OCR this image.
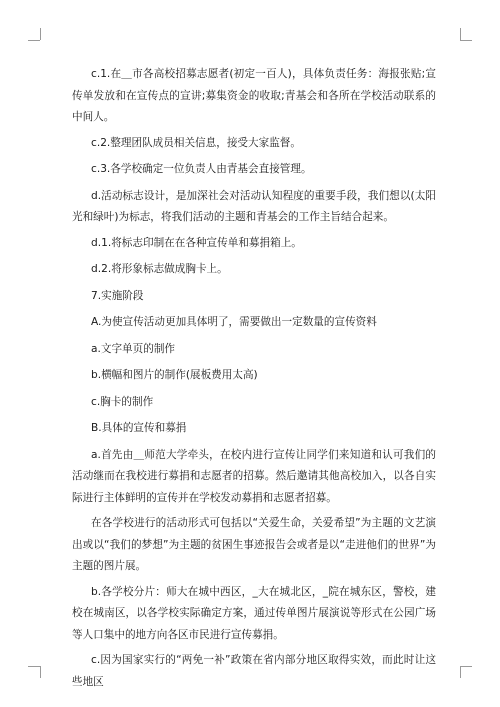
c.1.在＿市各高校招募志愿者(初定一百人)，具体负责任务：海报张贴;宣传单发放和在宣传点的宣讲;募集资金的收取;青基会和各所在学校活动联系的中间人。

c.2.整理团队成员相关信息，接受大家监督。

c.3.各学校确定一位负责人由青基会直接管理。

d.活动标志设计，是加深社会对活动认知程度的重要手段，我们想以(太阳光和绿叶)为标志，将我们活动的主题和青基会的工作主旨结合起来。

d.1.将标志印制在在各种宣传单和募捐箱上。

d.2.将形象标志做成胸卡上。

7.实施阶段

A.为使宣传活动更加具体明了，需要做出一定数量的宣传资料

a.文字单页的制作

b.横幅和图片的制作(展板费用太高)

c.胸卡的制作

B.具体的宣传和募捐

a.首先由＿师范大学牵头，在校内进行宣传让同学们来知道和认可我们的活动继而在我校进行募捐和志愿者的招募。然后邀请其他高校加入，以各自实际进行主体鲜明的宣传并在学校发动募捐和志愿者招募。

在各学校进行的活动形式可包括以“关爱生命，关爱希望”为主题的文艺演出或以“我们的梦想”为主题的贫困生事迹报告会或者是以“走进他们的世界”为主题的图片展。

b.各学校分片：师大在城中西区，_大在城北区，_院在城东区，警校，建校在城南区，以各学校实际确定方案，通过传单图片展演说等形式在公园广场等人口集中的地方向各区市民进行宣传募捐。

c.因为国家实行的“两免一补”政策在省内部分地区取得实效，而此时让这些地区
